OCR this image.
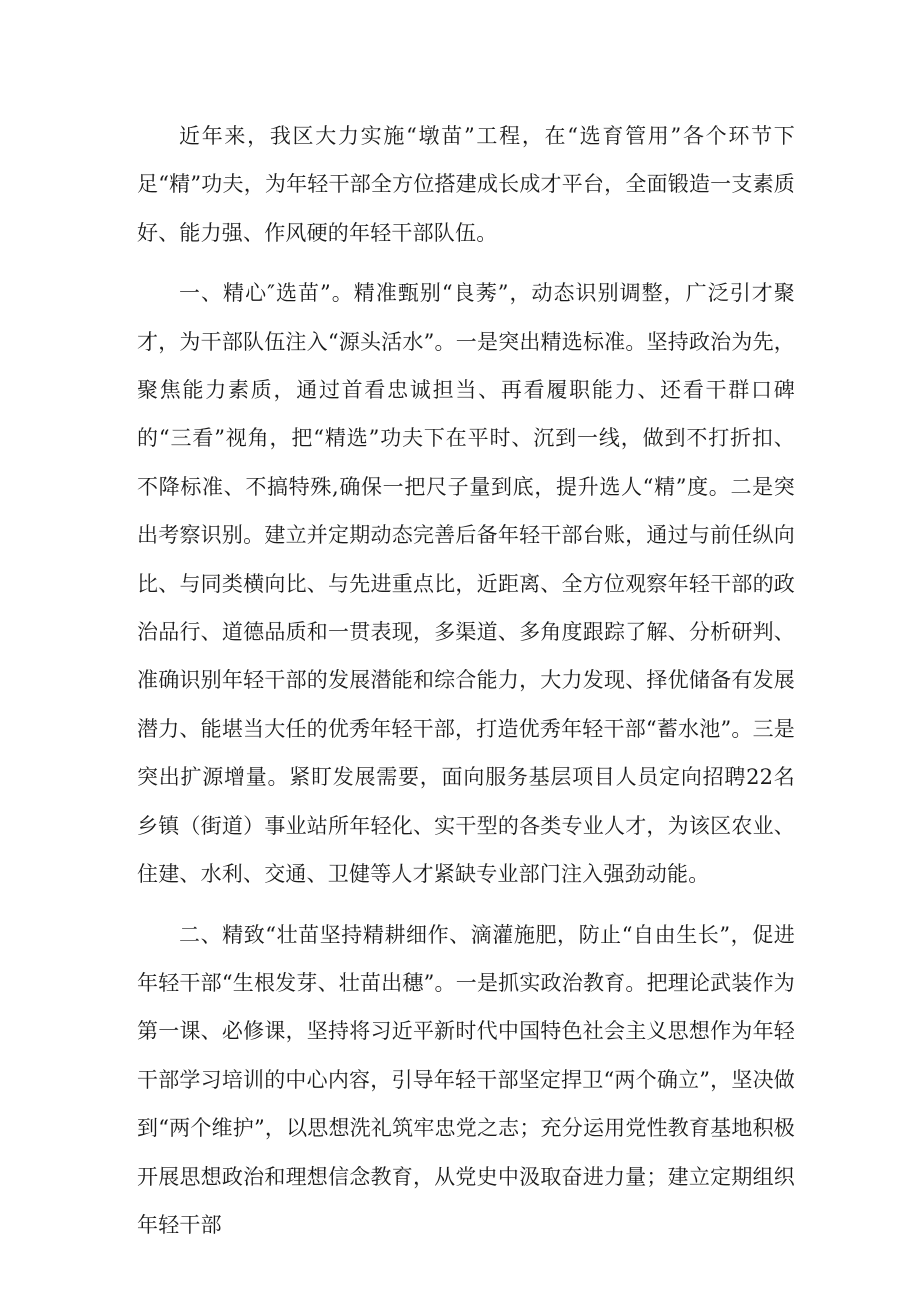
近年来，我区大力实施“墩苗”工程，在“选育管用”各个环节下足“精”功夫，为年轻干部全方位搭建成长成才平台，全面锻造一支素质好、能力强、作风硬的年轻干部队伍。

一、精心″选苗”。精准甄别“良莠”，动态识别调整，广泛引才聚才，为干部队伍注入“源头活水”。一是突出精选标准。坚持政治为先，聚焦能力素质，通过首看忠诚担当、再看履职能力、还看干群口碑的“三看”视角，把“精选”功夫下在平时、沉到一线，做到不打折扣、不降标准、不搞特殊,确保一把尺子量到底，提升选人“精”度。二是突出考察识别。建立并定期动态完善后备年轻干部台账，通过与前任纵向比、与同类横向比、与先进重点比，近距离、全方位观察年轻干部的政治品行、道德品质和一贯表现，多渠道、多角度跟踪了解、分析研判、准确识别年轻干部的发展潜能和综合能力，大力发现、择优储备有发展潜力、能堪当大任的优秀年轻干部，打造优秀年轻干部“蓄水池”。三是突出扩源增量。紧盯发展需要，面向服务基层项目人员定向招聘22名乡镇（街道）事业站所年轻化、实干型的各类专业人才，为该区农业、住建、水利、交通、卫健等人才紧缺专业部门注入强劲动能。

二、精致“壮苗坚持精耕细作、滴灌施肥，防止“自由生长”，促进年轻干部“生根发芽、壮苗出穗”。一是抓实政治教育。把理论武装作为第一课、必修课，坚持将习近平新时代中国特色社会主义思想作为年轻干部学习培训的中心内容，引导年轻干部坚定捍卫“两个确立”，坚决做到“两个维护”，以思想洗礼筑牢忠党之志；充分运用党性教育基地积极开展思想政治和理想信念教育，从党史中汲取奋进力量；建立定期组织年轻干部
